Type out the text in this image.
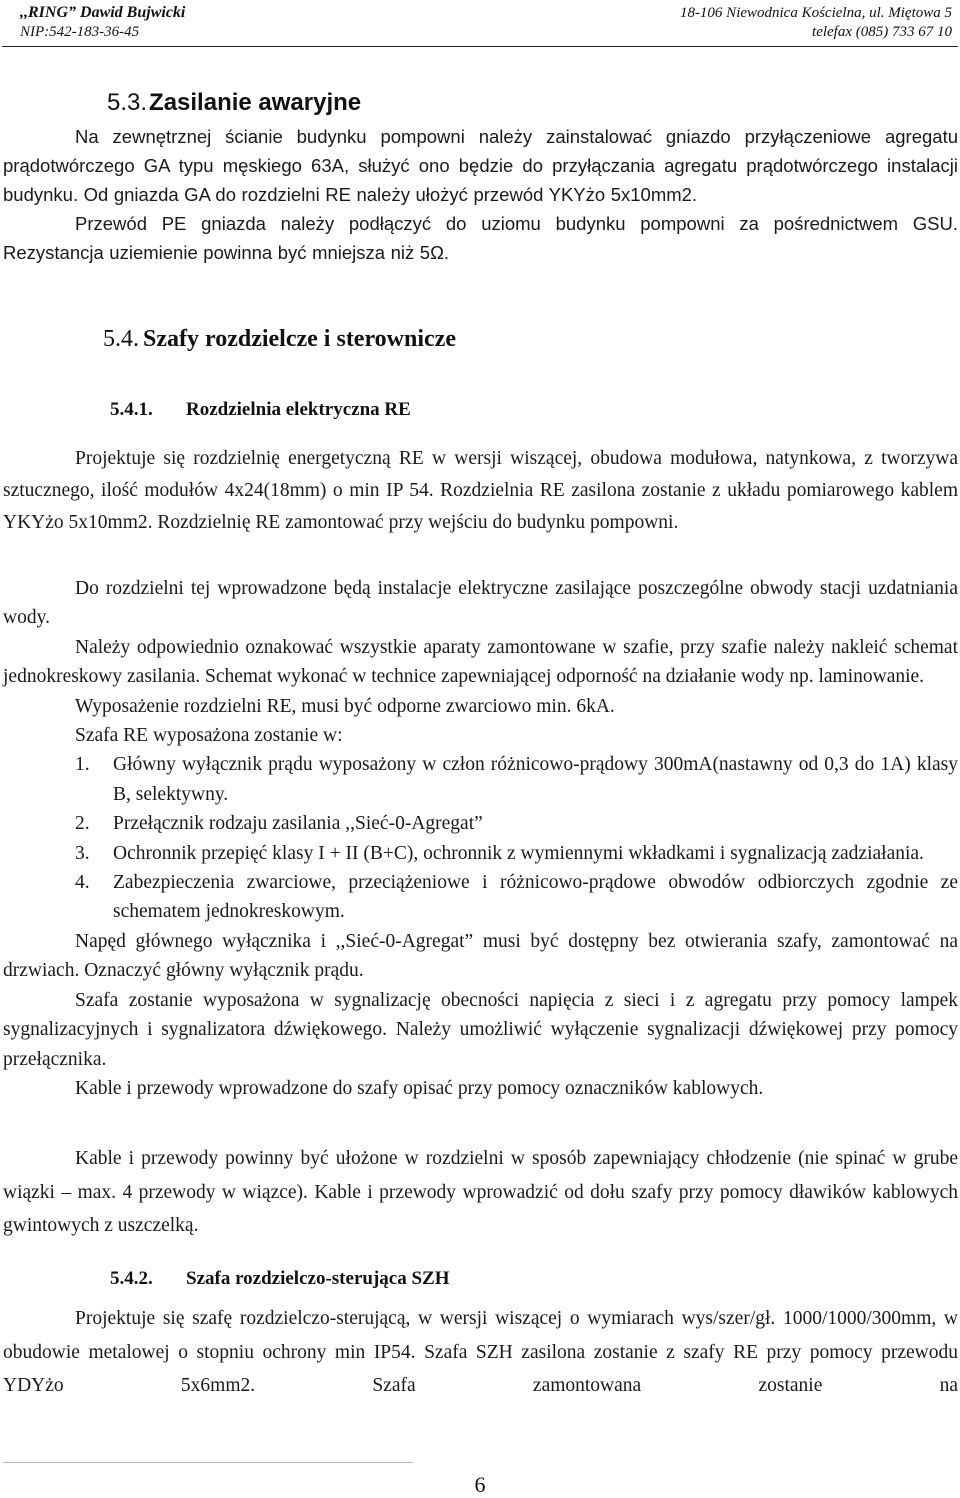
,,RING” Dawid Bujwicki
NIP:542-183-36-45
18-106 Niewodnica Kościelna, ul. Miętowa 5
telefax (085) 733 67 10
5.3.Zasilanie awaryjne

Na zewnętrznej ścianie budynku pompowni należy zainstalować gniazdo przyłączeniowe agregatu prądotwórczego GA typu męskiego 63A, służyć ono będzie do przyłączania agregatu prądotwórczego instalacji budynku. Od gniazda GA do rozdzielni RE należy ułożyć przewód YKYżo 5x10mm2.

Przewód PE gniazda należy podłączyć do uziomu budynku pompowni za pośrednictwem GSU. Rezystancja uziemienie powinna być mniejsza niż 5Ω.

5.4. Szafy rozdzielcze i sterownicze
5.4.1. Rozdzielnia elektryczna RE

Projektuje się rozdzielnię energetyczną RE w wersji wiszącej, obudowa modułowa, natynkowa, z tworzywa sztucznego, ilość modułów 4x24(18mm) o min IP 54. Rozdzielnia RE zasilona zostanie z układu pomiarowego kablem YKYżo 5x10mm2. Rozdzielnię RE zamontować przy wejściu do budynku pompowni.

Do rozdzielni tej wprowadzone będą instalacje elektryczne zasilające poszczególne obwody stacji uzdatniania wody.

Należy odpowiednio oznakować wszystkie aparaty zamontowane w szafie, przy szafie należy nakleić schemat jednokreskowy zasilania. Schemat wykonać w technice zapewniającej odporność na działanie wody np. laminowanie.

Wyposażenie rozdzielni RE, musi być odporne zwarciowo min. 6kA.

Szafa RE wyposażona zostanie w:

1.	Główny wyłącznik prądu wyposażony w człon różnicowo-prądowy 300mA(nastawny od 0,3 do 1A) klasy B, selektywny.
2.	Przełącznik rodzaju zasilania ,,Sieć-0-Agregat”
3.	Ochronnik przepięć klasy I + II (B+C), ochronnik z wymiennymi wkładkami i sygnalizacją zadziałania.
4.	Zabezpieczenia zwarciowe, przeciążeniowe i różnicowo-prądowe obwodów odbiorczych zgodnie ze schematem jednokreskowym.

Napęd głównego wyłącznika i ,,Sieć-0-Agregat” musi być dostępny bez otwierania szafy, zamontować na drzwiach. Oznaczyć główny wyłącznik prądu.

Szafa zostanie wyposażona w sygnalizację obecności napięcia z sieci i z agregatu przy pomocy lampek sygnalizacyjnych i sygnalizatora dźwiękowego. Należy umożliwić wyłączenie sygnalizacji dźwiękowej przy pomocy przełącznika.

Kable i przewody wprowadzone do szafy opisać przy pomocy oznaczników kablowych.

Kable i przewody powinny być ułożone w rozdzielni w sposób zapewniający chłodzenie (nie spinać w grube wiązki – max. 4 przewody w wiązce). Kable i przewody wprowadzić od dołu szafy przy pomocy dławików kablowych gwintowych z uszczelką.

5.4.2. Szafa rozdzielczo-sterująca SZH

Projektuje się szafę rozdzielczo-sterującą, w wersji wiszącej o wymiarach wys/szer/gł. 1000/1000/300mm, w obudowie metalowej o stopniu ochrony min IP54. Szafa SZH zasilona zostanie z szafy RE przy pomocy przewodu YDYżo 5x6mm2. Szafa zamontowana zostanie na

6
